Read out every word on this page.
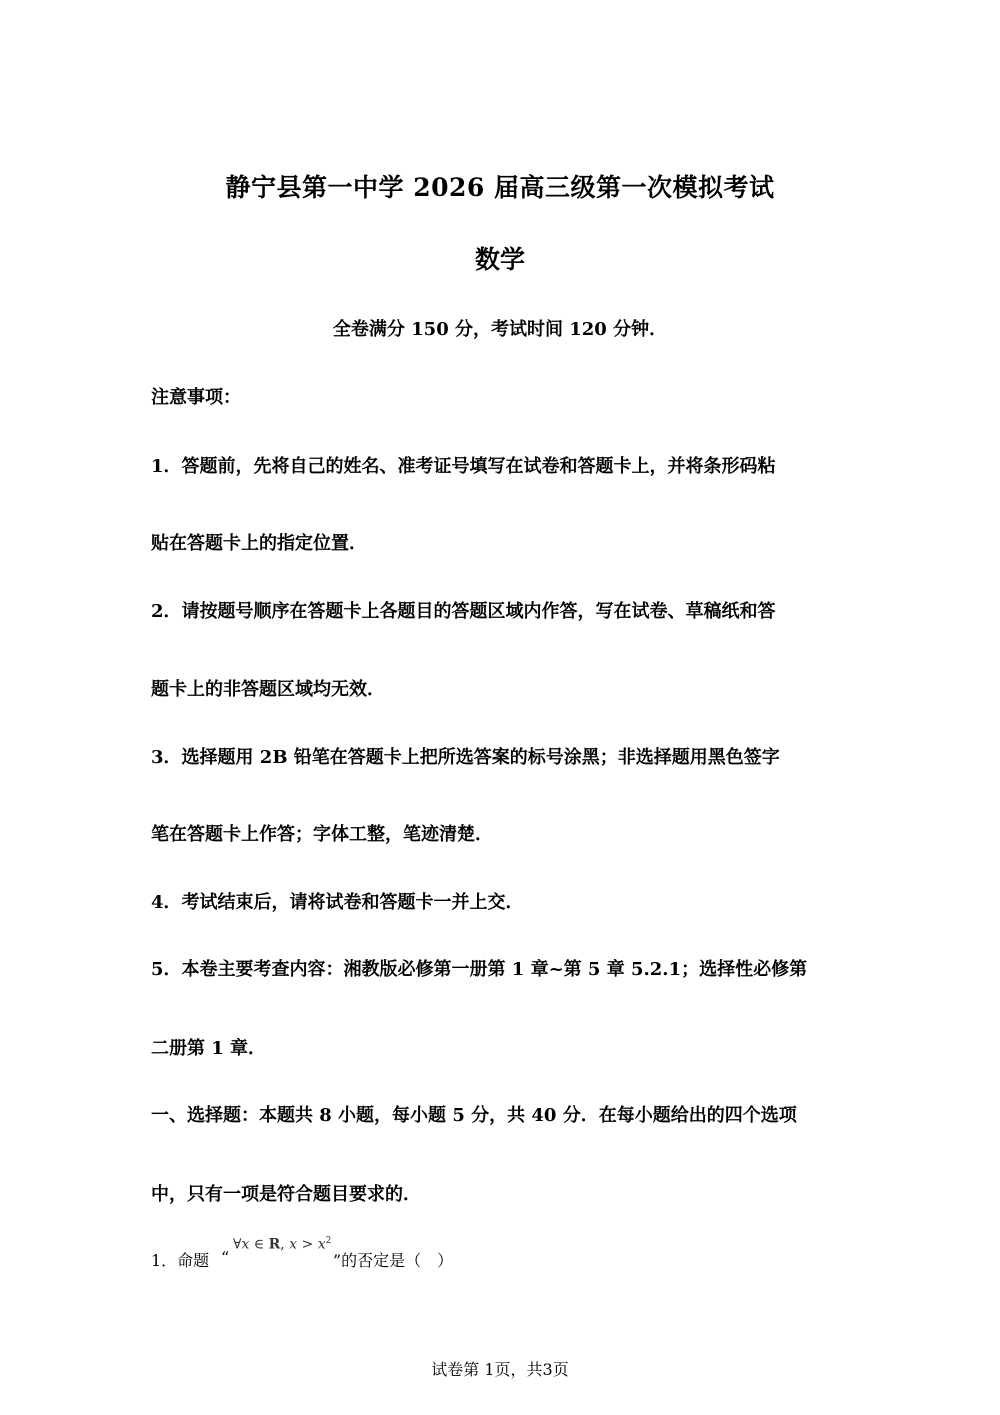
静宁县第一中学 2026 届高三级第一次模拟考试
数学
全卷满分 150 分，考试时间 120 分钟．
注意事项：
1．答题前，先将自己的姓名、准考证号填写在试卷和答题卡上，并将条形码粘
贴在答题卡上的指定位置．
2．请按题号顺序在答题卡上各题目的答题区域内作答，写在试卷、草稿纸和答
题卡上的非答题区域均无效．
3．选择题用 2B 铅笔在答题卡上把所选答案的标号涂黑；非选择题用黑色签字
笔在答题卡上作答；字体工整，笔迹清楚．
4．考试结束后，请将试卷和答题卡一并上交．
5．本卷主要考查内容：湘教版必修第一册第 1 章~第 5 章 5.2.1；选择性必修第
二册第 1 章．
一、选择题：本题共 8 小题，每小题 5 分，共 40 分．在每小题给出的四个选项
中，只有一项是符合题目要求的．
1．命题 “
∀x ∈ R, $x > x^2$
”的否定是（　）
试卷第 1页，共3页
